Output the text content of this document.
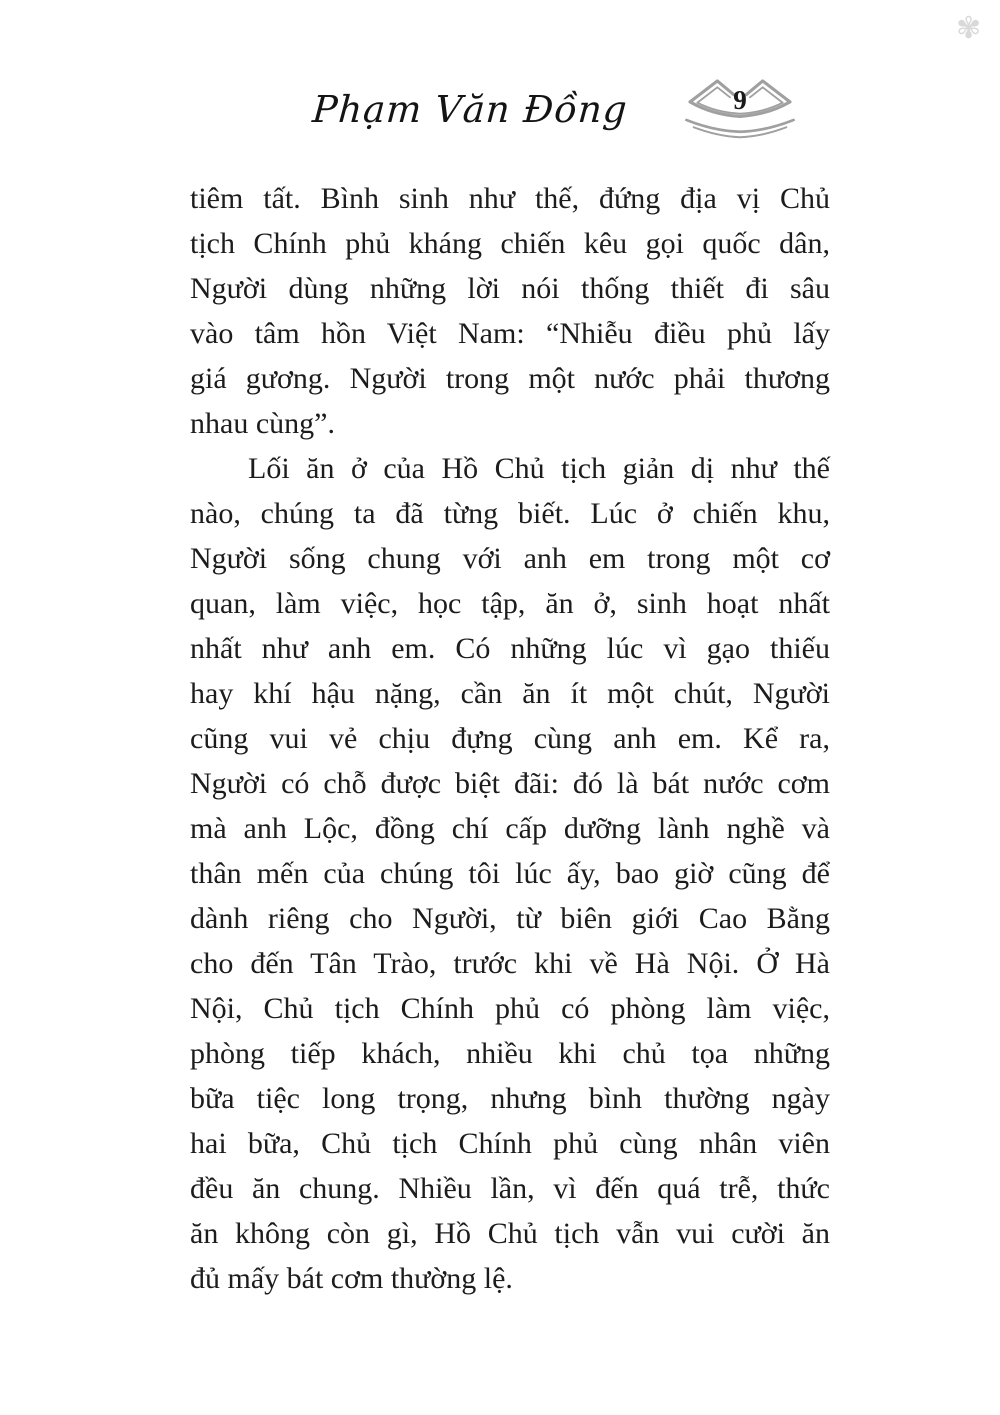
✾
Phạm Văn Đồng	9
tiêm tất. Bình sinh như thế, đứng địa vị Chủ
tịch Chính phủ kháng chiến kêu gọi quốc dân,
Người dùng những lời nói thống thiết đi sâu
vào tâm hồn Việt Nam: “Nhiễu điều phủ lấy
giá gương. Người trong một nước phải thương
nhau cùng”.
Lối ăn ở của Hồ Chủ tịch giản dị như thế
nào, chúng ta đã từng biết. Lúc ở chiến khu,
Người sống chung với anh em trong một cơ
quan, làm việc, học tập, ăn ở, sinh hoạt nhất
nhất như anh em. Có những lúc vì gạo thiếu
hay khí hậu nặng, cần ăn ít một chút, Người
cũng vui vẻ chịu đựng cùng anh em. Kể ra,
Người có chỗ được biệt đãi: đó là bát nước cơm
mà anh Lộc, đồng chí cấp dưỡng lành nghề và
thân mến của chúng tôi lúc ấy, bao giờ cũng để
dành riêng cho Người, từ biên giới Cao Bằng
cho đến Tân Trào, trước khi về Hà Nội. Ở Hà
Nội, Chủ tịch Chính phủ có phòng làm việc,
phòng tiếp khách, nhiều khi chủ tọa những
bữa tiệc long trọng, nhưng bình thường ngày
hai bữa, Chủ tịch Chính phủ cùng nhân viên
đều ăn chung. Nhiều lần, vì đến quá trễ, thức
ăn không còn gì, Hồ Chủ tịch vẫn vui cười ăn
đủ mấy bát cơm thường lệ.
